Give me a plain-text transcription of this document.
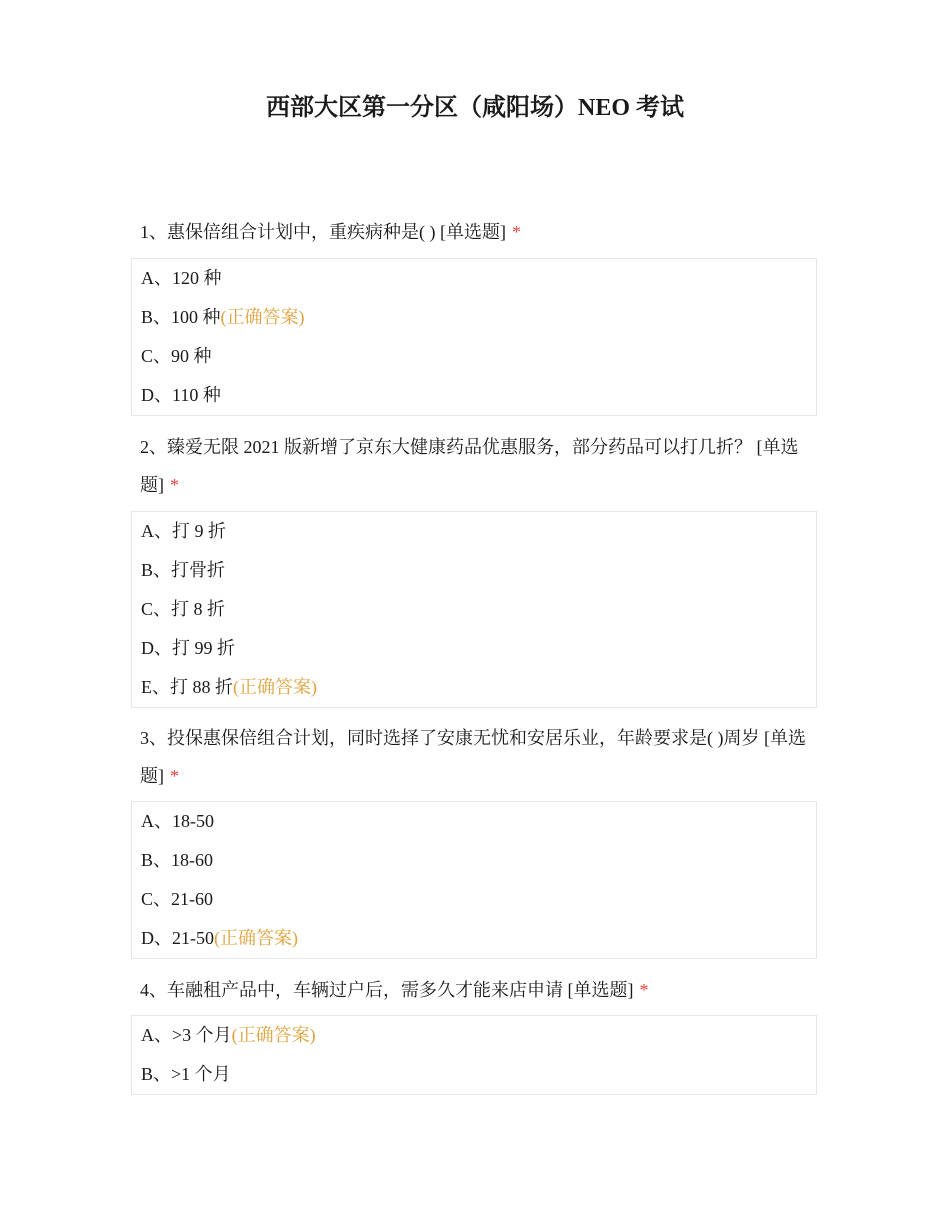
西部大区第一分区（咸阳场）NEO 考试
1、惠保倍组合计划中，重疾病种是( ) [单选题] *
A、120 种
B、100 种(正确答案)
C、90 种
D、110 种
2、臻爱无限 2021 版新增了京东大健康药品优惠服务，部分药品可以打几折？ [单选题] *
A、打 9 折
B、打骨折
C、打 8 折
D、打 99 折
E、打 88 折(正确答案)
3、投保惠保倍组合计划，同时选择了安康无忧和安居乐业，年龄要求是( )周岁 [单选题] *
A、18-50
B、18-60
C、21-60
D、21-50(正确答案)
4、车融租产品中，车辆过户后，需多久才能来店申请 [单选题] *
A、>3 个月(正确答案)
B、>1 个月
